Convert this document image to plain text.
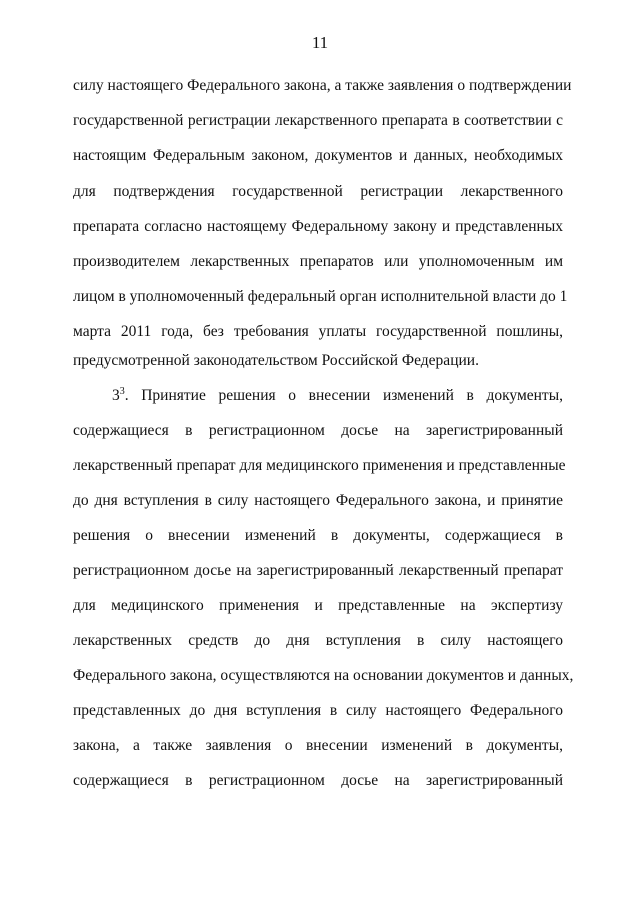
11
силу настоящего Федерального закона, а также заявления о подтверждении
государственной регистрации лекарственного препарата в соответствии с
настоящим Федеральным законом, документов и данных, необходимых
для подтверждения государственной регистрации лекарственного
препарата согласно настоящему Федеральному закону и представленных
производителем лекарственных препаратов или уполномоченным им
лицом в уполномоченный федеральный орган исполнительной власти до 1
марта 2011 года, без требования уплаты государственной пошлины,
предусмотренной законодательством Российской Федерации.
$3^3$. Принятие решения о внесении изменений в документы,
содержащиеся в регистрационном досье на зарегистрированный
лекарственный препарат для медицинского применения и представленные
до дня вступления в силу настоящего Федерального закона, и принятие
решения о внесении изменений в документы, содержащиеся в
регистрационном досье на зарегистрированный лекарственный препарат
для медицинского применения и представленные на экспертизу
лекарственных средств до дня вступления в силу настоящего
Федерального закона, осуществляются на основании документов и данных,
представленных до дня вступления в силу настоящего Федерального
закона, а также заявления о внесении изменений в документы,
содержащиеся в регистрационном досье на зарегистрированный
